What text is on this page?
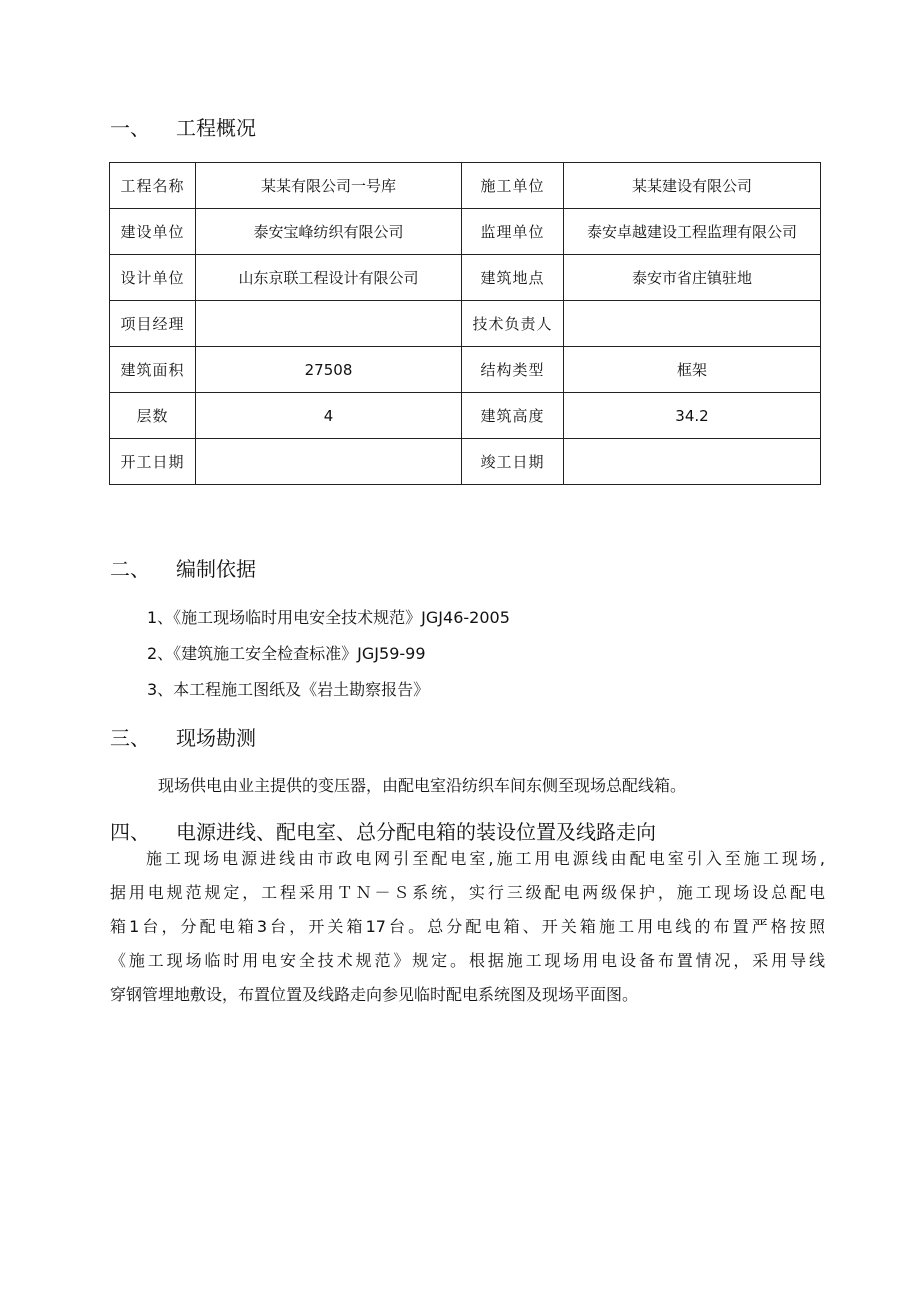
一、 工程概况
工程名称	某某有限公司一号库	施工单位	某某建设有限公司
建设单位	泰安宝峰纺织有限公司	监理单位	泰安卓越建设工程监理有限公司
设计单位	山东京联工程设计有限公司	建筑地点	泰安市省庄镇驻地
项目经理		技术负责人	
建筑面积	27508	结构类型	框架
层数	4	建筑高度	34.2
开工日期		竣工日期	
二、 编制依据
1、《施工现场临时用电安全技术规范》JGJ46-2005
2、《建筑施工安全检查标准》JGJ59-99
3、本工程施工图纸及《岩土勘察报告》
三、 现场勘测
现场供电由业主提供的变压器，由配电室沿纺织车间东侧至现场总配线箱。
四、 电源进线、配电室、总分配电箱的装设位置及线路走向
施工现场电源进线由市政电网引至配电室,施工用电源线由配电室引入至施工现场,
据用电规范规定，工程采用ＴＮ－Ｓ系统，实行三级配电两级保护，施工现场设总配电
箱1台，分配电箱3台，开关箱17台。总分配电箱、开关箱施工用电线的布置严格按照
《施工现场临时用电安全技术规范》规定。根据施工现场用电设备布置情况，采用导线
穿钢管埋地敷设，布置位置及线路走向参见临时配电系统图及现场平面图。
